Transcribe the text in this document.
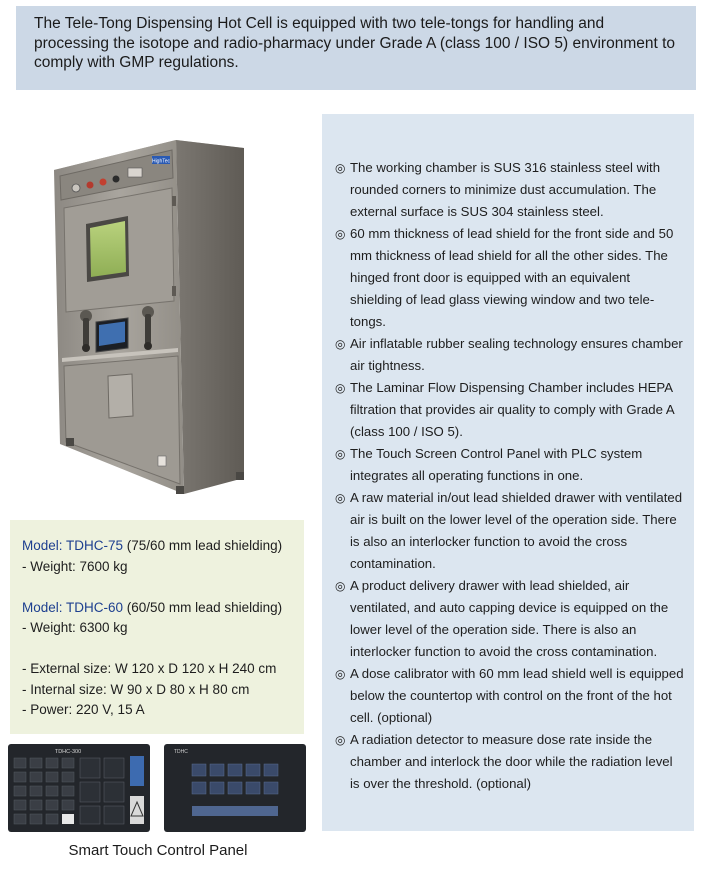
The Tele-Tong Dispensing Hot Cell is equipped with two tele-tongs for handling and processing the isotope and radio-pharmacy under Grade A (class 100 / ISO 5) environment to comply with GMP regulations.

HighTec
Model: TDHC-75 (75/60 mm lead shielding)
- Weight: 7600 kg
Model: TDHC-60 (60/50 mm lead shielding)
- Weight: 6300 kg
- External size: W 120 x D 120 x H 240 cm
- Internal size: W 90 x D 80 x H 80 cm
- Power: 220 V, 15 A
TDHC-300	TDHC
Smart Touch Control Panel
◎ The working chamber is SUS 316 stainless steel with rounded corners to minimize dust accumulation. The external surface is SUS 304 stainless steel.
◎ 60 mm thickness of lead shield for the front side and 50 mm thickness of lead shield for all the other sides. The hinged front door is equipped with an equivalent shielding of lead glass viewing window and two tele-tongs.
◎ Air inflatable rubber sealing technology ensures chamber air tightness.
◎ The Laminar Flow Dispensing Chamber includes HEPA filtration that provides air quality to comply with Grade A (class 100 / ISO 5).
◎ The Touch Screen Control Panel with PLC system integrates all operating functions in one.
◎ A raw material in/out lead shielded drawer with ventilated air is built on the lower level of the operation side. There is also an interlocker function to avoid the cross contamination.
◎ A product delivery drawer with lead shielded, air ventilated, and auto capping device is equipped on the lower level of the operation side. There is also an interlocker function to avoid the cross contamination.
◎ A dose calibrator with 60 mm lead shield well is equipped below the countertop with control on the front of the hot cell. (optional)
◎ A radiation detector to measure dose rate inside the chamber and interlock the door while the radiation level is over the threshold. (optional)
